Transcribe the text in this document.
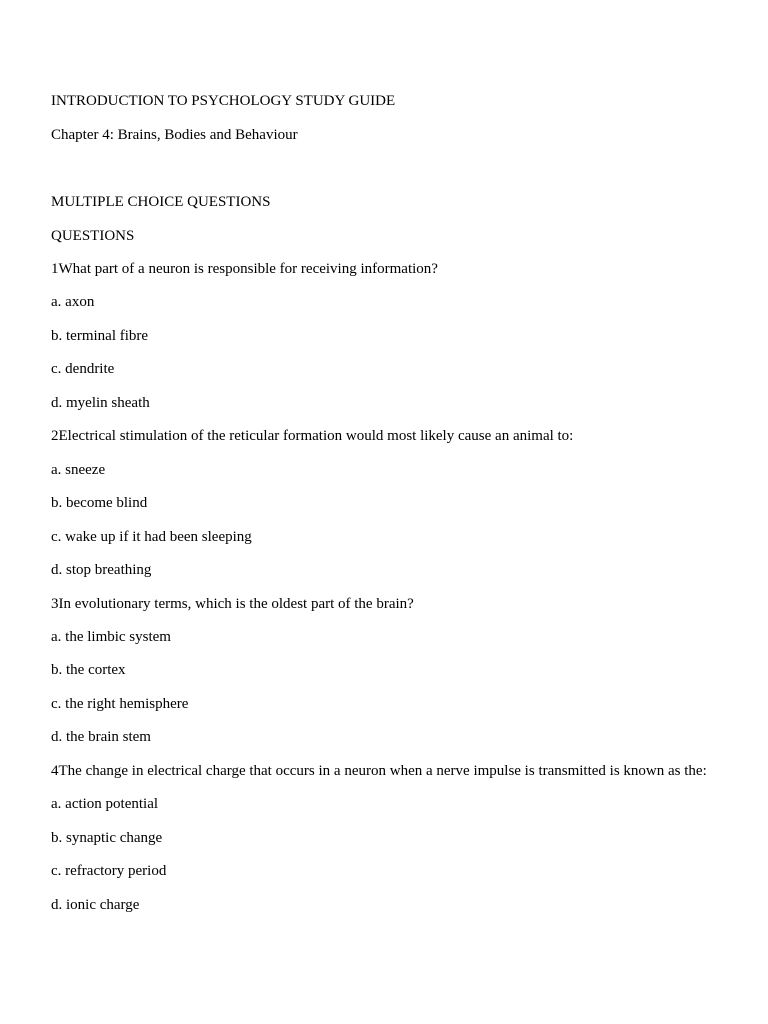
INTRODUCTION TO PSYCHOLOGY STUDY GUIDE
Chapter 4: Brains, Bodies and Behaviour
MULTIPLE CHOICE QUESTIONS
QUESTIONS
1What part of a neuron is responsible for receiving information?
a. axon
b. terminal fibre
c. dendrite
d. myelin sheath
2Electrical stimulation of the reticular formation would most likely cause an animal to:
a. sneeze
b. become blind
c. wake up if it had been sleeping
d. stop breathing
3In evolutionary terms, which is the oldest part of the brain?
a. the limbic system
b. the cortex
c. the right hemisphere
d. the brain stem
4The change in electrical charge that occurs in a neuron when a nerve impulse is transmitted is known as the:
a. action potential
b. synaptic change
c. refractory period
d. ionic charge
